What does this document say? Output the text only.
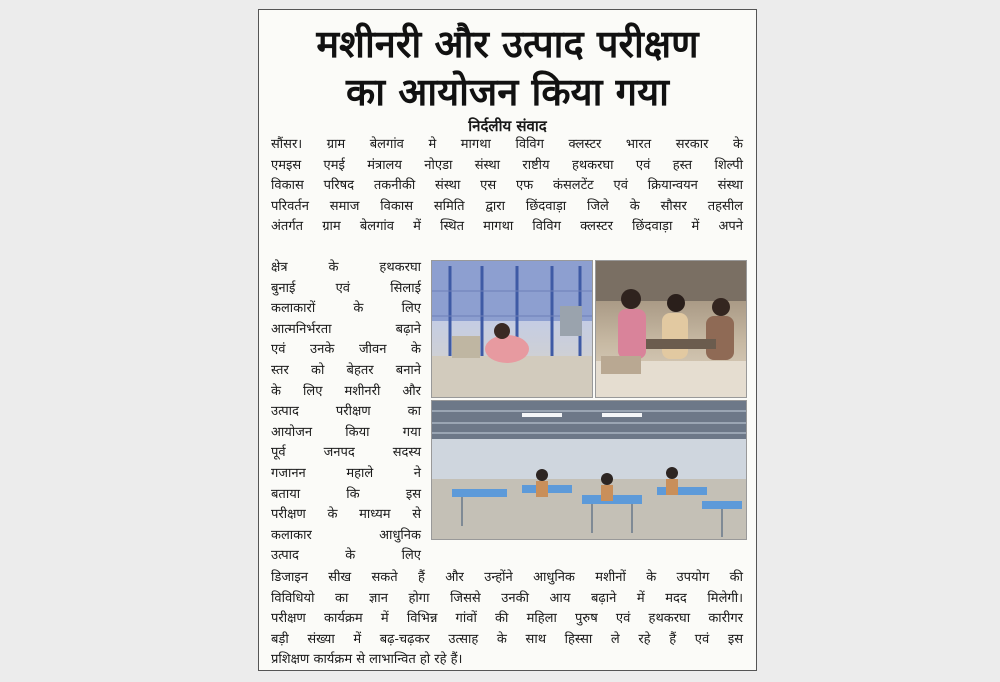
मशीनरी और उत्पाद परीक्षण
का आयोजन किया गया
निर्दलीय संवाद
सौंसर। ग्राम बेलगांव मे मागथा विविग क्लस्टर भारत सरकार के
एमइस एमई मंत्रालय नोएडा संस्था राष्टीय हथकरघा एवं हस्त शिल्पी
विकास परिषद तकनीकी संस्था एस एफ कंसलटेंट एवं क्रियान्वयन संस्था
परिवर्तन समाज विकास समिति द्वारा छिंदवाड़ा जिले के सौसर तहसील
अंतर्गत ग्राम बेलगांव में स्थित मागथा विविग क्लस्टर छिंदवाड़ा में अपने
क्षेत्र के हथकरघा
बुनाई एवं सिलाई
कलाकारों के लिए
आत्मनिर्भरता बढ़ाने
एवं उनके जीवन के
स्तर को बेहतर बनाने
के लिए मशीनरी और
उत्पाद परीक्षण का
आयोजन किया गया
पूर्व जनपद सदस्य
गजानन महाले ने
बताया कि इस
परीक्षण के माध्यम से
कलाकार आधुनिक
उत्पाद के लिए
डिजाइन सीख सकते हैं और उन्होंने आधुनिक मशीनों के उपयोग की
विविधियो का ज्ञान होगा जिससे उनकी आय बढ़ाने में मदद मिलेगी।
परीक्षण कार्यक्रम में विभिन्न गांवों की महिला पुरुष एवं हथकरघा कारीगर
बड़ी संख्या में बढ़-चढ़कर उत्साह के साथ हिस्सा ले रहे हैं एवं इस
प्रशिक्षण कार्यक्रम से लाभान्वित हो रहे हैं।
